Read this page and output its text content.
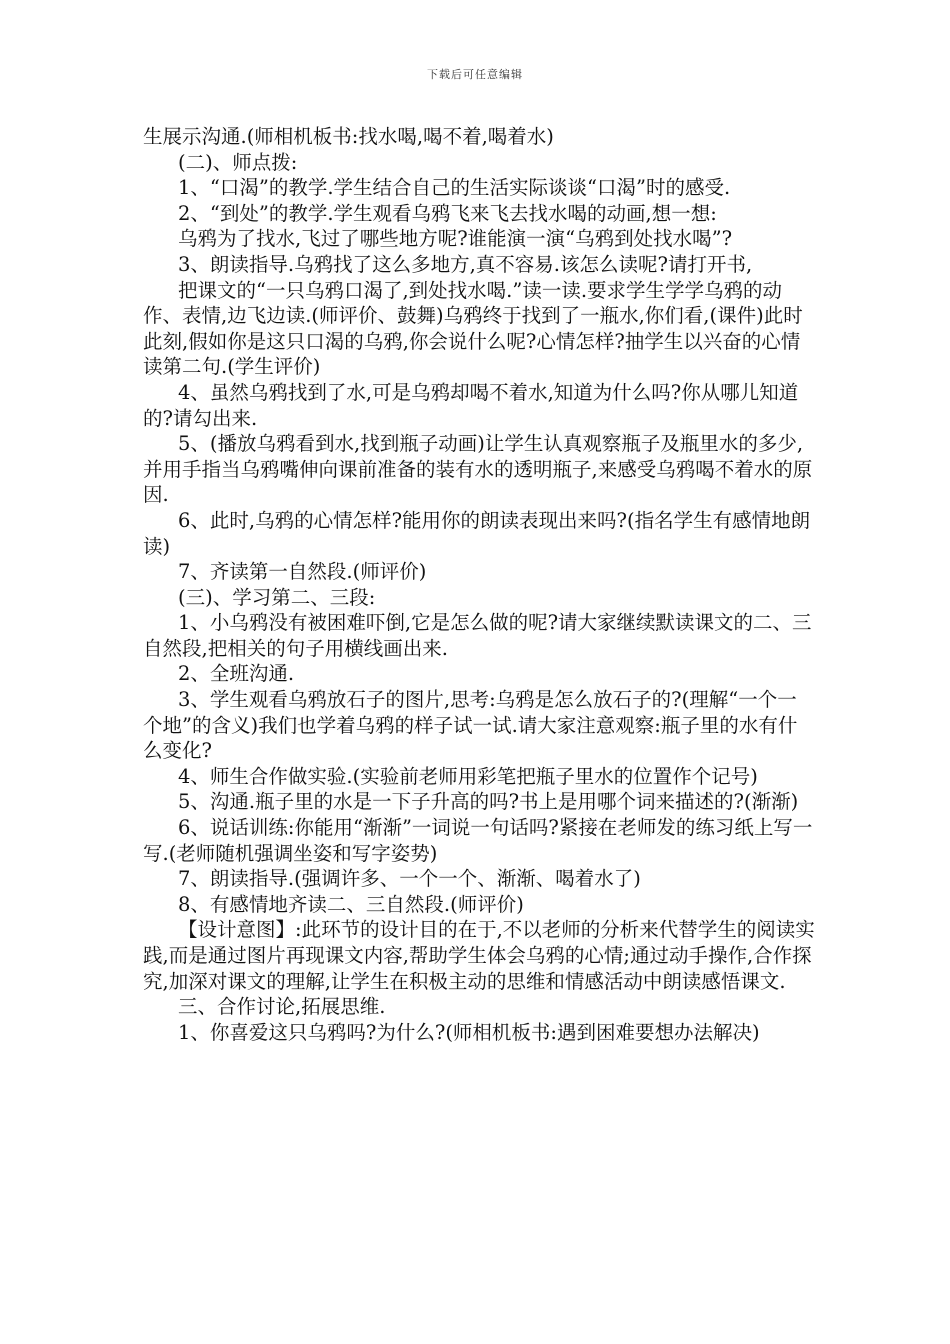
下载后可任意编辑

生展示沟通.(师相机板书:找水喝,喝不着,喝着水)

(二)、师点拨:

1、“口渴”的教学.学生结合自己的生活实际谈谈“口渴”时的感受.

2、“到处”的教学.学生观看乌鸦飞来飞去找水喝的动画,想一想:

乌鸦为了找水,飞过了哪些地方呢?谁能演一演“乌鸦到处找水喝”?

3、朗读指导.乌鸦找了这么多地方,真不容易.该怎么读呢?请打开书,

把课文的“一只乌鸦口渴了,到处找水喝.”读一读.要求学生学学乌鸦的动作、表情,边飞边读.(师评价、鼓舞)乌鸦终于找到了一瓶水,你们看,(课件)此时此刻,假如你是这只口渴的乌鸦,你会说什么呢?心情怎样?抽学生以兴奋的心情读第二句.(学生评价)

4、虽然乌鸦找到了水,可是乌鸦却喝不着水,知道为什么吗?你从哪儿知道的?请勾出来.

5、(播放乌鸦看到水,找到瓶子动画)让学生认真观察瓶子及瓶里水的多少,并用手指当乌鸦嘴伸向课前准备的装有水的透明瓶子,来感受乌鸦喝不着水的原因.

6、此时,乌鸦的心情怎样?能用你的朗读表现出来吗?(指名学生有感情地朗读)

7、齐读第一自然段.(师评价)

(三)、学习第二、三段:

1、小乌鸦没有被困难吓倒,它是怎么做的呢?请大家继续默读课文的二、三自然段,把相关的句子用横线画出来.

2、全班沟通.

3、学生观看乌鸦放石子的图片,思考:乌鸦是怎么放石子的?(理解“一个一个地”的含义)我们也学着乌鸦的样子试一试.请大家注意观察:瓶子里的水有什么变化?

4、师生合作做实验.(实验前老师用彩笔把瓶子里水的位置作个记号)

5、沟通.瓶子里的水是一下子升高的吗?书上是用哪个词来描述的?(渐渐)

6、说话训练:你能用“渐渐”一词说一句话吗?紧接在老师发的练习纸上写一写.(老师随机强调坐姿和写字姿势)

7、朗读指导.(强调许多、一个一个、渐渐、喝着水了)

8、有感情地齐读二、三自然段.(师评价)

【设计意图】:此环节的设计目的在于,不以老师的分析来代替学生的阅读实践,而是通过图片再现课文内容,帮助学生体会乌鸦的心情;通过动手操作,合作探究,加深对课文的理解,让学生在积极主动的思维和情感活动中朗读感悟课文.

三、合作讨论,拓展思维.

1、你喜爱这只乌鸦吗?为什么?(师相机板书:遇到困难要想办法解决)
